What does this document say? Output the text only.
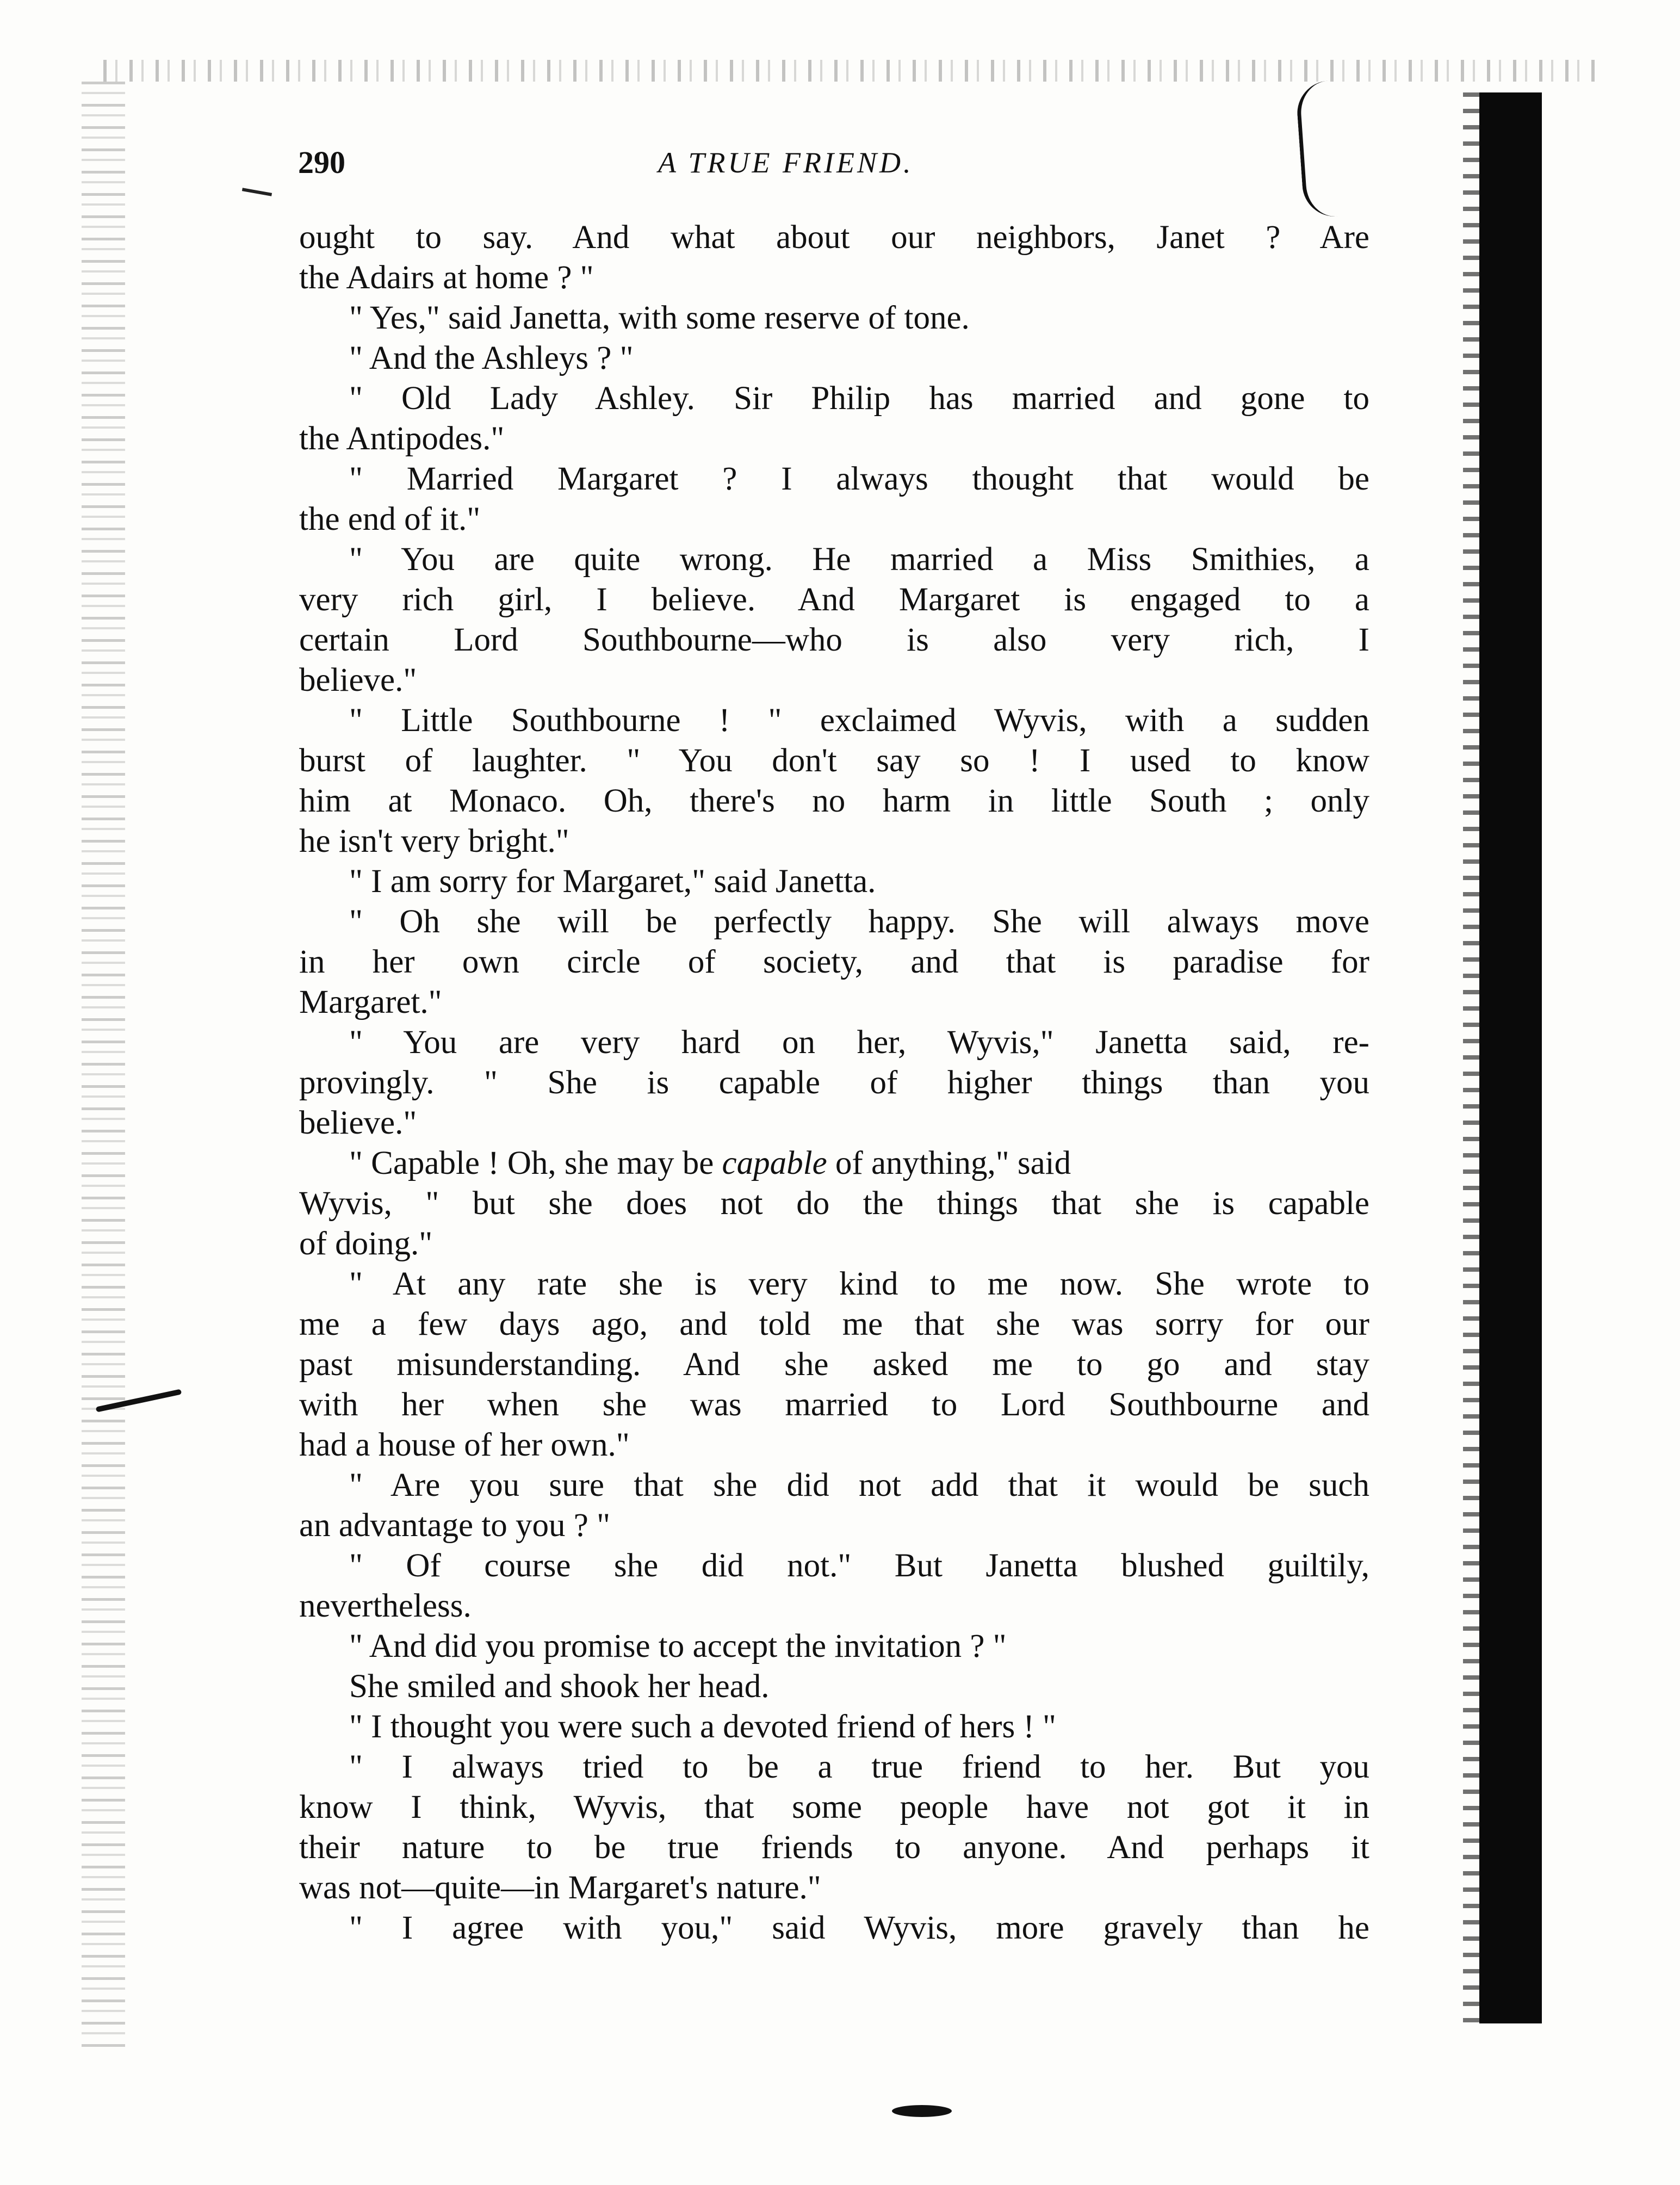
290	A TRUE FRIEND.
ought to say. And what about our neighbors, Janet ? Are
the Adairs at home ? "
" Yes," said Janetta, with some reserve of tone.
" And the Ashleys ? "
" Old Lady Ashley. Sir Philip has married and gone to
the Antipodes."
" Married Margaret ? I always thought that would be
the end of it."
" You are quite wrong. He married a Miss Smithies, a
very rich girl, I believe. And Margaret is engaged to a
certain Lord Southbourne—who is also very rich, I
believe."
" Little Southbourne ! " exclaimed Wyvis, with a sudden
burst of laughter. " You don't say so ! I used to know
him at Monaco. Oh, there's no harm in little South ; only
he isn't very bright."
" I am sorry for Margaret," said Janetta.
" Oh she will be perfectly happy. She will always move
in her own circle of society, and that is paradise for
Margaret."
" You are very hard on her, Wyvis," Janetta said, re-
provingly. " She is capable of higher things than you
believe."
" Capable ! Oh, she may be capable of anything," said
Wyvis, " but she does not do the things that she is capable
of doing."
" At any rate she is very kind to me now. She wrote to
me a few days ago, and told me that she was sorry for our
past misunderstanding. And she asked me to go and stay
with her when she was married to Lord Southbourne and
had a house of her own."
" Are you sure that she did not add that it would be such
an advantage to you ? "
" Of course she did not." But Janetta blushed guiltily,
nevertheless.
" And did you promise to accept the invitation ? "
She smiled and shook her head.
" I thought you were such a devoted friend of hers ! "
" I always tried to be a true friend to her. But you
know I think, Wyvis, that some people have not got it in
their nature to be true friends to anyone. And perhaps it
was not—quite—in Margaret's nature."
" I agree with you," said Wyvis, more gravely than he
